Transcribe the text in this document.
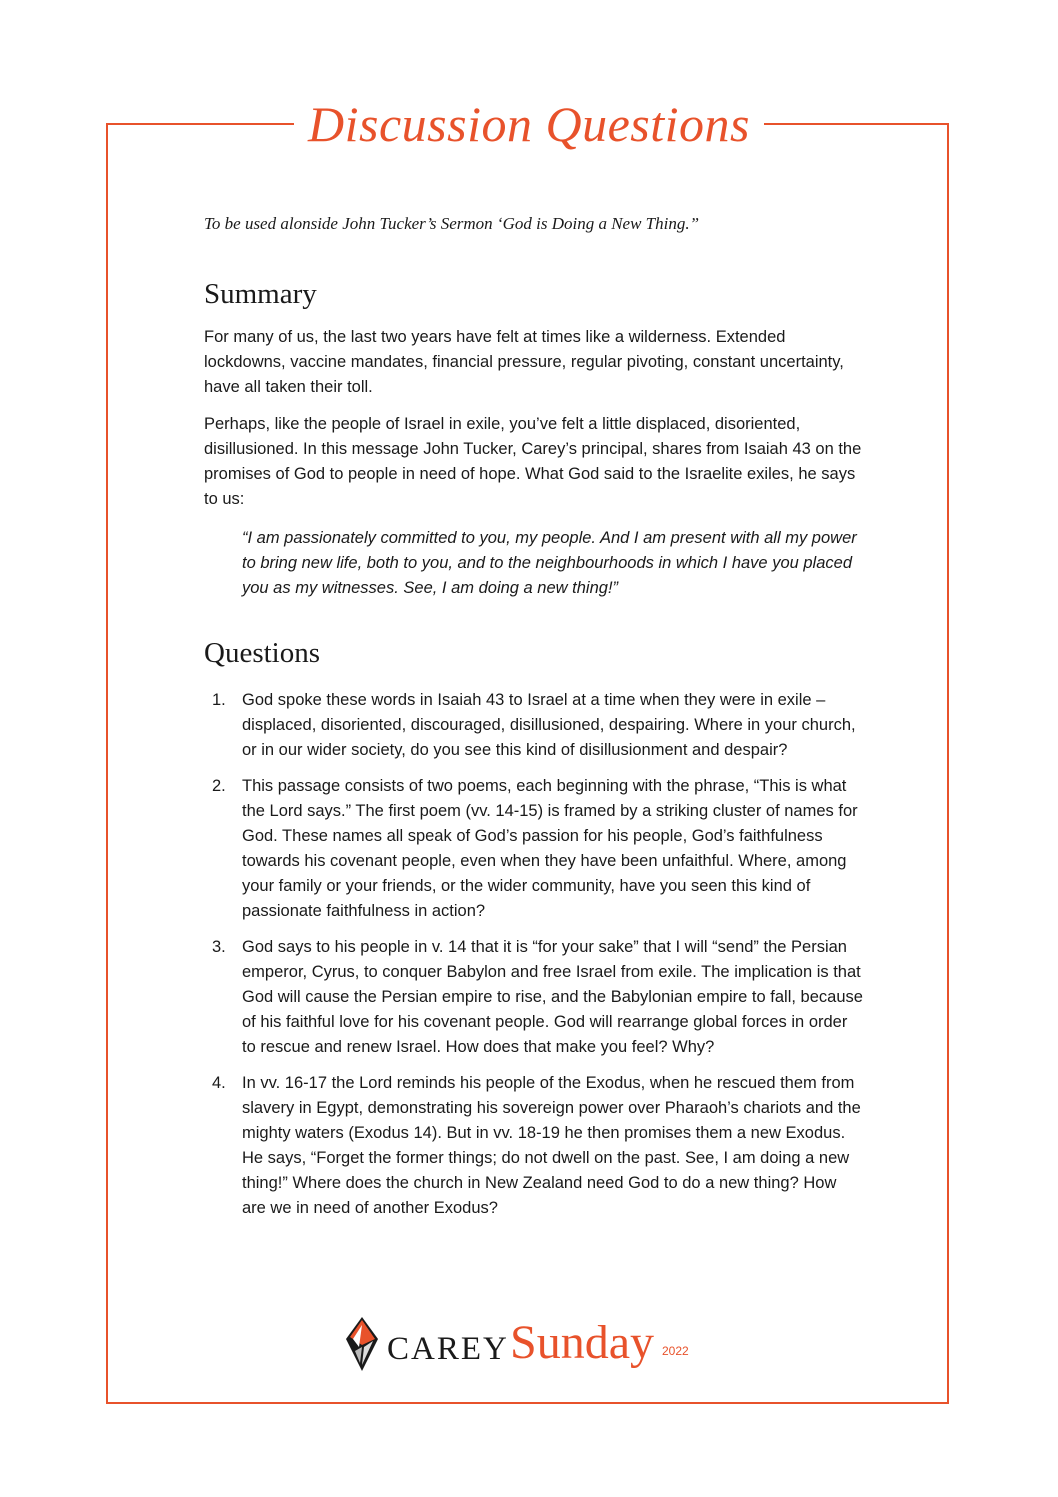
Discussion Questions
To be used alonside John Tucker’s Sermon ‘God is Doing a New Thing.”
Summary

For many of us, the last two years have felt at times like a wilderness. Extended lockdowns, vaccine mandates, financial pressure, regular pivoting, constant uncertainty, have all taken their toll.

Perhaps, like the people of Israel in exile, you’ve felt a little displaced, disoriented, disillusioned. In this message John Tucker, Carey’s principal, shares from Isaiah 43 on the promises of God to people in need of hope. What God said to the Israelite exiles, he says to us:

“I am passionately committed to you, my people. And I am present with all my power to bring new life, both to you, and to the neighbourhoods in which I have you placed you as my witnesses. See, I am doing a new thing!”

Questions
1. God spoke these words in Isaiah 43 to Israel at a time when they were in exile – displaced, disoriented, discouraged, disillusioned, despairing. Where in your church, or in our wider society, do you see this kind of disillusionment and despair?
2. This passage consists of two poems, each beginning with the phrase, “This is what the Lord says.” The first poem (vv. 14-15) is framed by a striking cluster of names for God. These names all speak of God’s passion for his people, God’s faithfulness towards his covenant people, even when they have been unfaithful. Where, among your family or your friends, or the wider community, have you seen this kind of passionate faithfulness in action?
3. God says to his people in v. 14 that it is “for your sake” that I will “send” the Persian emperor, Cyrus, to conquer Babylon and free Israel from exile. The implication is that God will cause the Persian empire to rise, and the Babylonian empire to fall, because of his faithful love for his covenant people. God will rearrange global forces in order to rescue and renew Israel. How does that make you feel? Why?
4. In vv. 16-17 the Lord reminds his people of the Exodus, when he rescued them from slavery in Egypt, demonstrating his sovereign power over Pharaoh’s chariots and the mighty waters (Exodus 14). But in vv. 18-19 he then promises them a new Exodus. He says, “Forget the former things; do not dwell on the past. See, I am doing a new thing!” Where does the church in New Zealand need God to do a new thing? How are we in need of another Exodus?
CAREY Sunday 2022
